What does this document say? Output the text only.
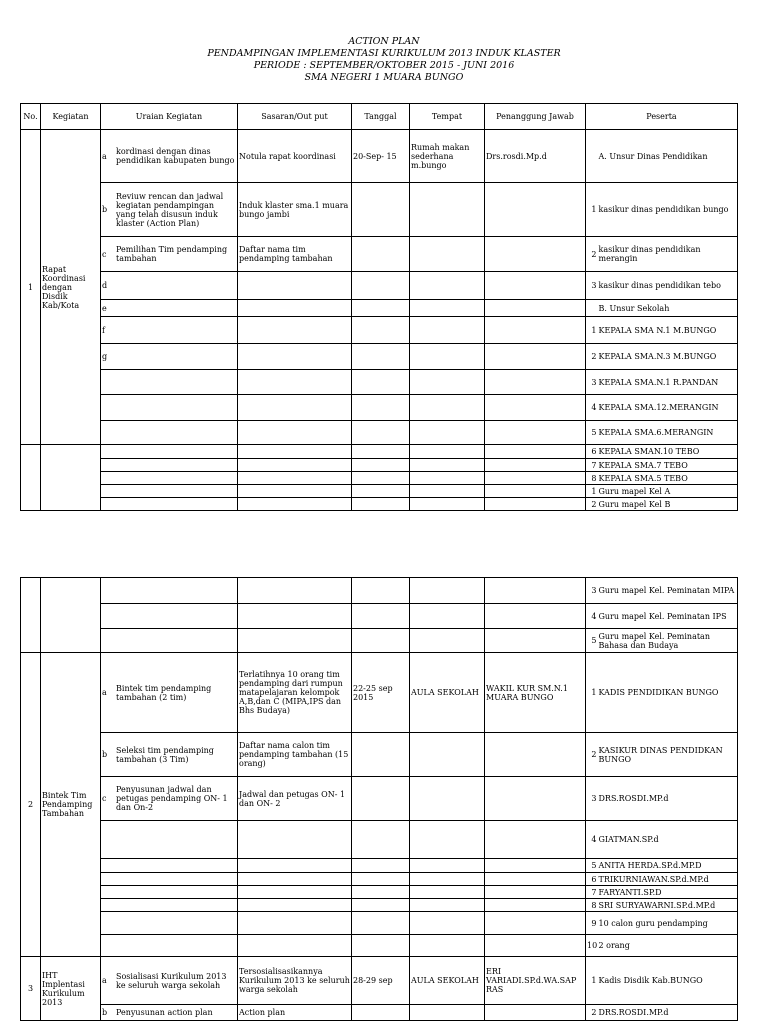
ACTION PLAN
PENDAMPINGAN IMPLEMENTASI KURIKULUM 2013 INDUK KLASTER
PERIODE : SEPTEMBER/OKTOBER 2015 - JUNI 2016
SMA NEGERI 1 MUARA BUNGO
No.	Kegiatan	Uraian Kegiatan	Sasaran/Out put	Tanggal	Tempat	Penanggung Jawab	Peserta	
1	Rapat Koordinasi dengan Disdik Kab/Kota	a kordinasi dengan dinas pendidikan kabupaten bungo	Notula rapat koordinasi	20-Sep- 15	Rumah makan sederhana m.bungo	Drs.rosdi.Mp.d		A. Unsur Dinas Pendidikan
		bReviuw rencan dan jadwal kegiatan pendampingan yang telah disusun induk klaster (Action Plan)	Induk klaster sma.1 muara bungo jambi				1	kasikur dinas pendidikan bungo
		c Pemilihan Tim pendamping tambahan	Daftar nama tim pendamping tambahan				2	kasikur dinas pendidikan merangin
		d					3	kasikur dinas pendidikan tebo
		e						B. Unsur Sekolah
		f					1	KEPALA SMA N.1 M.BUNGO
		g					2	KEPALA SMA.N.3 M.BUNGO
							3	KEPALA SMA.N.1 R.PANDAN
							4	KEPALA SMA.12.MERANGIN
							5	KEPALA SMA.6.MERANGIN
							6	KEPALA SMAN.10 TEBO
							7	KEPALA SMA.7 TEBO
							8	KEPALA SMA.5 TEBO
							1	Guru mapel Kel A
							2	Guru mapel Kel B
							3	Guru mapel Kel. Peminatan MIPA
							4	Guru mapel Kel. Peminatan IPS
							5	Guru mapel Kel. Peminatan Bahasa dan Budaya
2	Bintek Tim Pendamping Tambahan	a Bintek tim pendamping tambahan (2 tim)	Terlatihnya 10 orang tim pendamping dari rumpun matapelajaran kelompok A,B,dan C (MIPA,IPS dan Bhs Budaya)	22-25 sep 2015	AULA SEKOLAH	WAKIL KUR SM.N.1 MUARA BUNGO	1	KADIS PENDIDIKAN BUNGO
		b Seleksi tim pendamping tambahan (3 Tim)	Daftar nama calon tim pendamping tambahan (15 orang)				2	KASIKUR DINAS PENDIDKAN BUNGO
		cPenyusunan jadwal dan petugas pendamping ON- 1 dan On-2	Jadwal dan petugas ON- 1 dan ON- 2				3	DRS.ROSDI.MP.d
							4	GIATMAN.SP.d
							5	ANITA HERDA.SP.d.MP.D
							6	TRIKURNIAWAN.SP.d.MP.d
							7	FARYANTI.SP.D
							8	SRI SURYAWARNI.SP.d.MP.d
							9	10 calon guru pendamping
							10	2 orang
3	IHT Implentasi Kurikulum 2013	a Sosialisasi Kurikulum 2013 ke seluruh warga sekolah	Tersosialisasikannya Kurikulum 2013 ke seluruh warga sekolah	28-29 sep	AULA SEKOLAH	ERI VARIADI.SP.d.WA.SAP RAS	1	Kadis Disdik Kab.BUNGO
		b Penyusunan action plan	Action plan				2	DRS.ROSDI.MP.d
